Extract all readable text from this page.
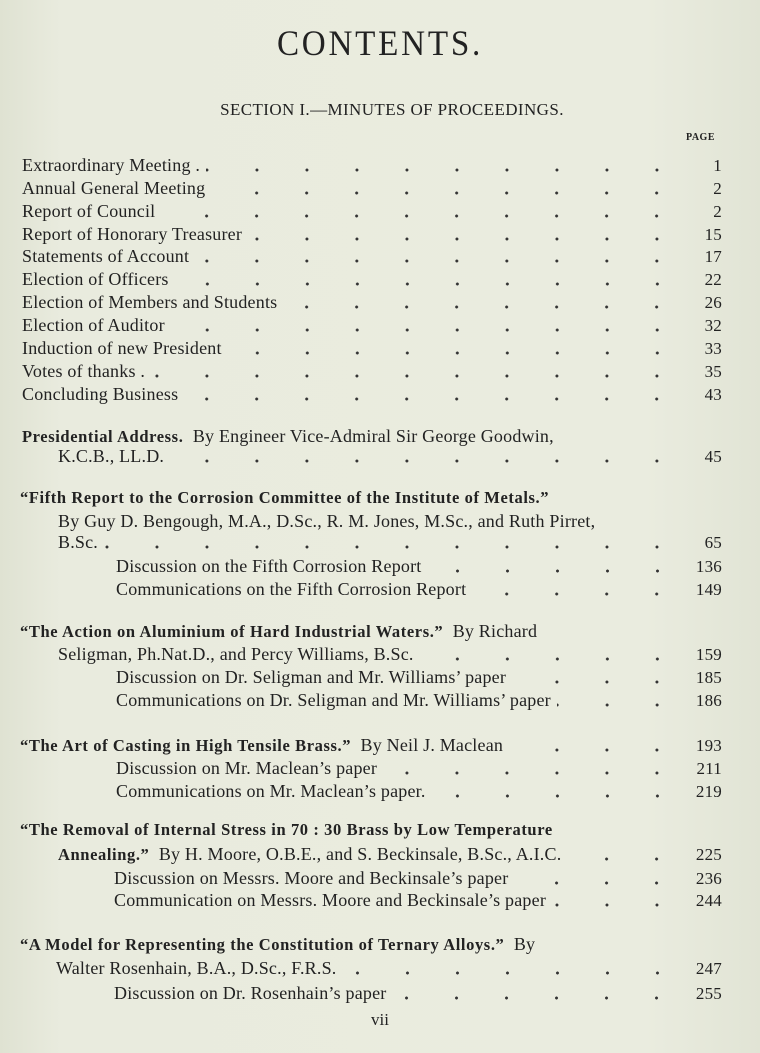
CONTENTS.
SECTION I.—MINUTES OF PROCEEDINGS.
PAGE
Extraordinary Meeting .	1
Annual General Meeting	2
Report of Council	2
Report of Honorary Treasurer	15
Statements of Account	17
Election of Officers	22
Election of Members and Students	26
Election of Auditor	32
Induction of new President	33
Votes of thanks .	35
Concluding Business	43
Presidential Address.
By Engineer Vice-Admiral Sir George Goodwin,
K.C.B., LL.D.	45
“Fifth Report to the Corrosion Committee of the Institute of Metals.”
By Guy D. Bengough, M.A., D.Sc., R. M. Jones, M.Sc., and Ruth Pirret,
B.Sc.	65
Discussion on the Fifth Corrosion Report	136
Communications on the Fifth Corrosion Report	149
“The Action on Aluminium of Hard Industrial Waters.”
By Richard
Seligman, Ph.Nat.D., and Percy Williams, B.Sc.	159
Discussion on Dr. Seligman and Mr. Williams’ paper	185
Communications on Dr. Seligman and Mr. Williams’ paper	186
“The Art of Casting in High Tensile Brass.”
By Neil J. Maclean	193
Discussion on Mr. Maclean’s paper	211
Communications on Mr. Maclean’s paper.	219
“The Removal of Internal Stress in 70 : 30 Brass by Low Temperature
Annealing.”
By H. Moore, O.B.E., and S. Beckinsale, B.Sc., A.I.C.	225
Discussion on Messrs. Moore and Beckinsale’s paper	236
Communication on Messrs. Moore and Beckinsale’s paper	244
“A Model for Representing the Constitution of Ternary Alloys.”
By
Walter Rosenhain, B.A., D.Sc., F.R.S.	247
Discussion on Dr. Rosenhain’s paper	255
vii
